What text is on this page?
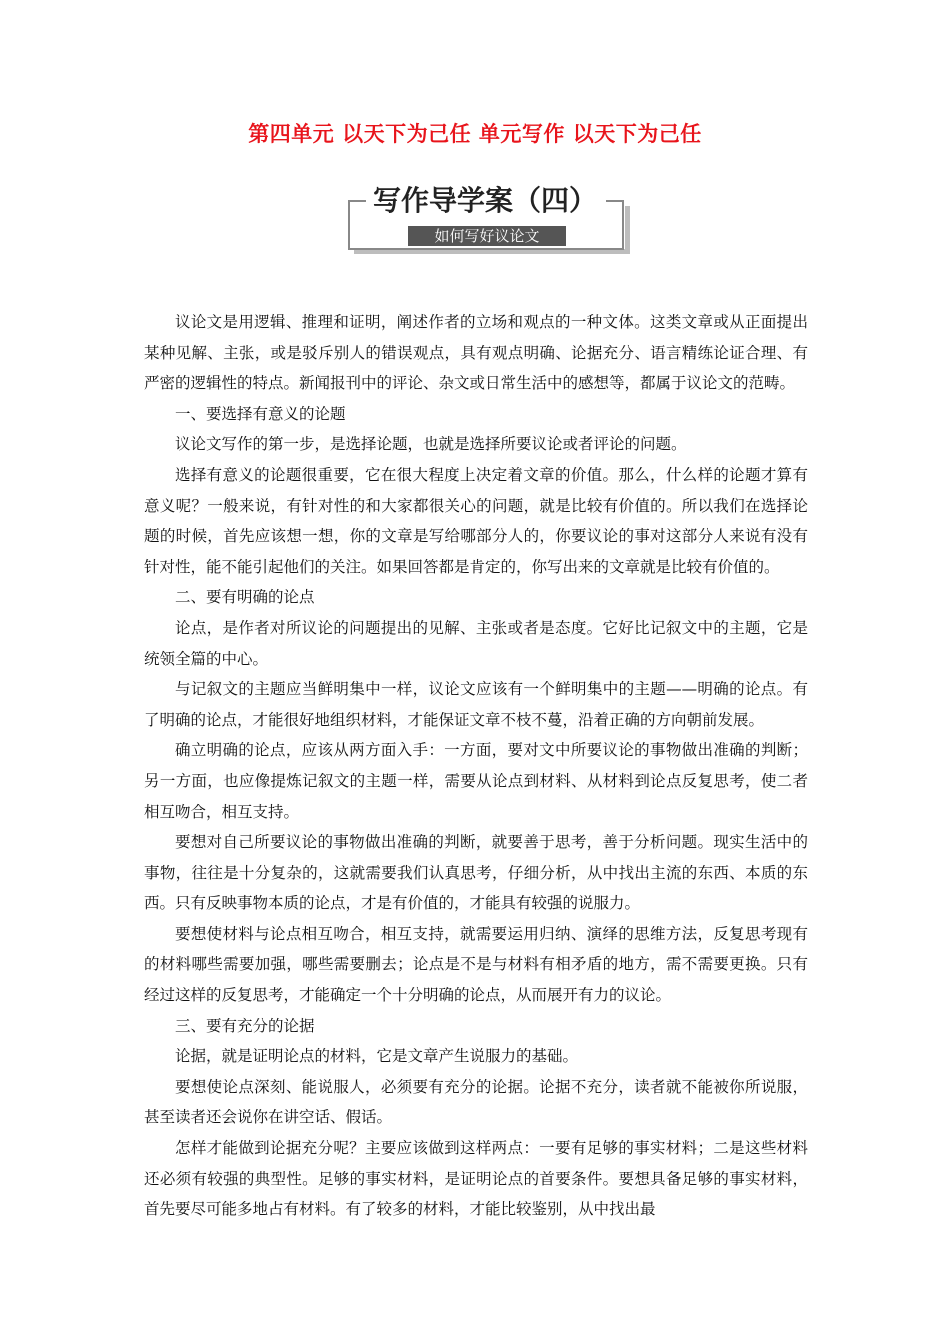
第四单元 以天下为己任 单元写作 以天下为己任
写作导学案（四）
如何写好议论文

议论文是用逻辑、推理和证明，阐述作者的立场和观点的一种文体。这类文章或从正面提出某种见解、主张，或是驳斥别人的错误观点，具有观点明确、论据充分、语言精练论证合理、有严密的逻辑性的特点。新闻报刊中的评论、杂文或日常生活中的感想等，都属于议论文的范畴。

一、要选择有意义的论题

议论文写作的第一步，是选择论题，也就是选择所要议论或者评论的问题。

选择有意义的论题很重要，它在很大程度上决定着文章的价值。那么，什么样的论题才算有意义呢？一般来说，有针对性的和大家都很关心的问题，就是比较有价值的。所以我们在选择论题的时候，首先应该想一想，你的文章是写给哪部分人的，你要议论的事对这部分人来说有没有针对性，能不能引起他们的关注。如果回答都是肯定的，你写出来的文章就是比较有价值的。

二、要有明确的论点

论点，是作者对所议论的问题提出的见解、主张或者是态度。它好比记叙文中的主题，它是统领全篇的中心。

与记叙文的主题应当鲜明集中一样，议论文应该有一个鲜明集中的主题——明确的论点。有了明确的论点，才能很好地组织材料，才能保证文章不枝不蔓，沿着正确的方向朝前发展。

确立明确的论点，应该从两方面入手：一方面，要对文中所要议论的事物做出准确的判断；另一方面，也应像提炼记叙文的主题一样，需要从论点到材料、从材料到论点反复思考，使二者相互吻合，相互支持。

要想对自己所要议论的事物做出准确的判断，就要善于思考，善于分析问题。现实生活中的事物，往往是十分复杂的，这就需要我们认真思考，仔细分析，从中找出主流的东西、本质的东西。只有反映事物本质的论点，才是有价值的，才能具有较强的说服力。

要想使材料与论点相互吻合，相互支持，就需要运用归纳、演绎的思维方法，反复思考现有的材料哪些需要加强，哪些需要删去；论点是不是与材料有相矛盾的地方，需不需要更换。只有经过这样的反复思考，才能确定一个十分明确的论点，从而展开有力的议论。

三、要有充分的论据

论据，就是证明论点的材料，它是文章产生说服力的基础。

要想使论点深刻、能说服人，必须要有充分的论据。论据不充分，读者就不能被你所说服，甚至读者还会说你在讲空话、假话。

怎样才能做到论据充分呢？主要应该做到这样两点：一要有足够的事实材料；二是这些材料还必须有较强的典型性。足够的事实材料，是证明论点的首要条件。要想具备足够的事实材料，首先要尽可能多地占有材料。有了较多的材料，才能比较鉴别，从中找出最
